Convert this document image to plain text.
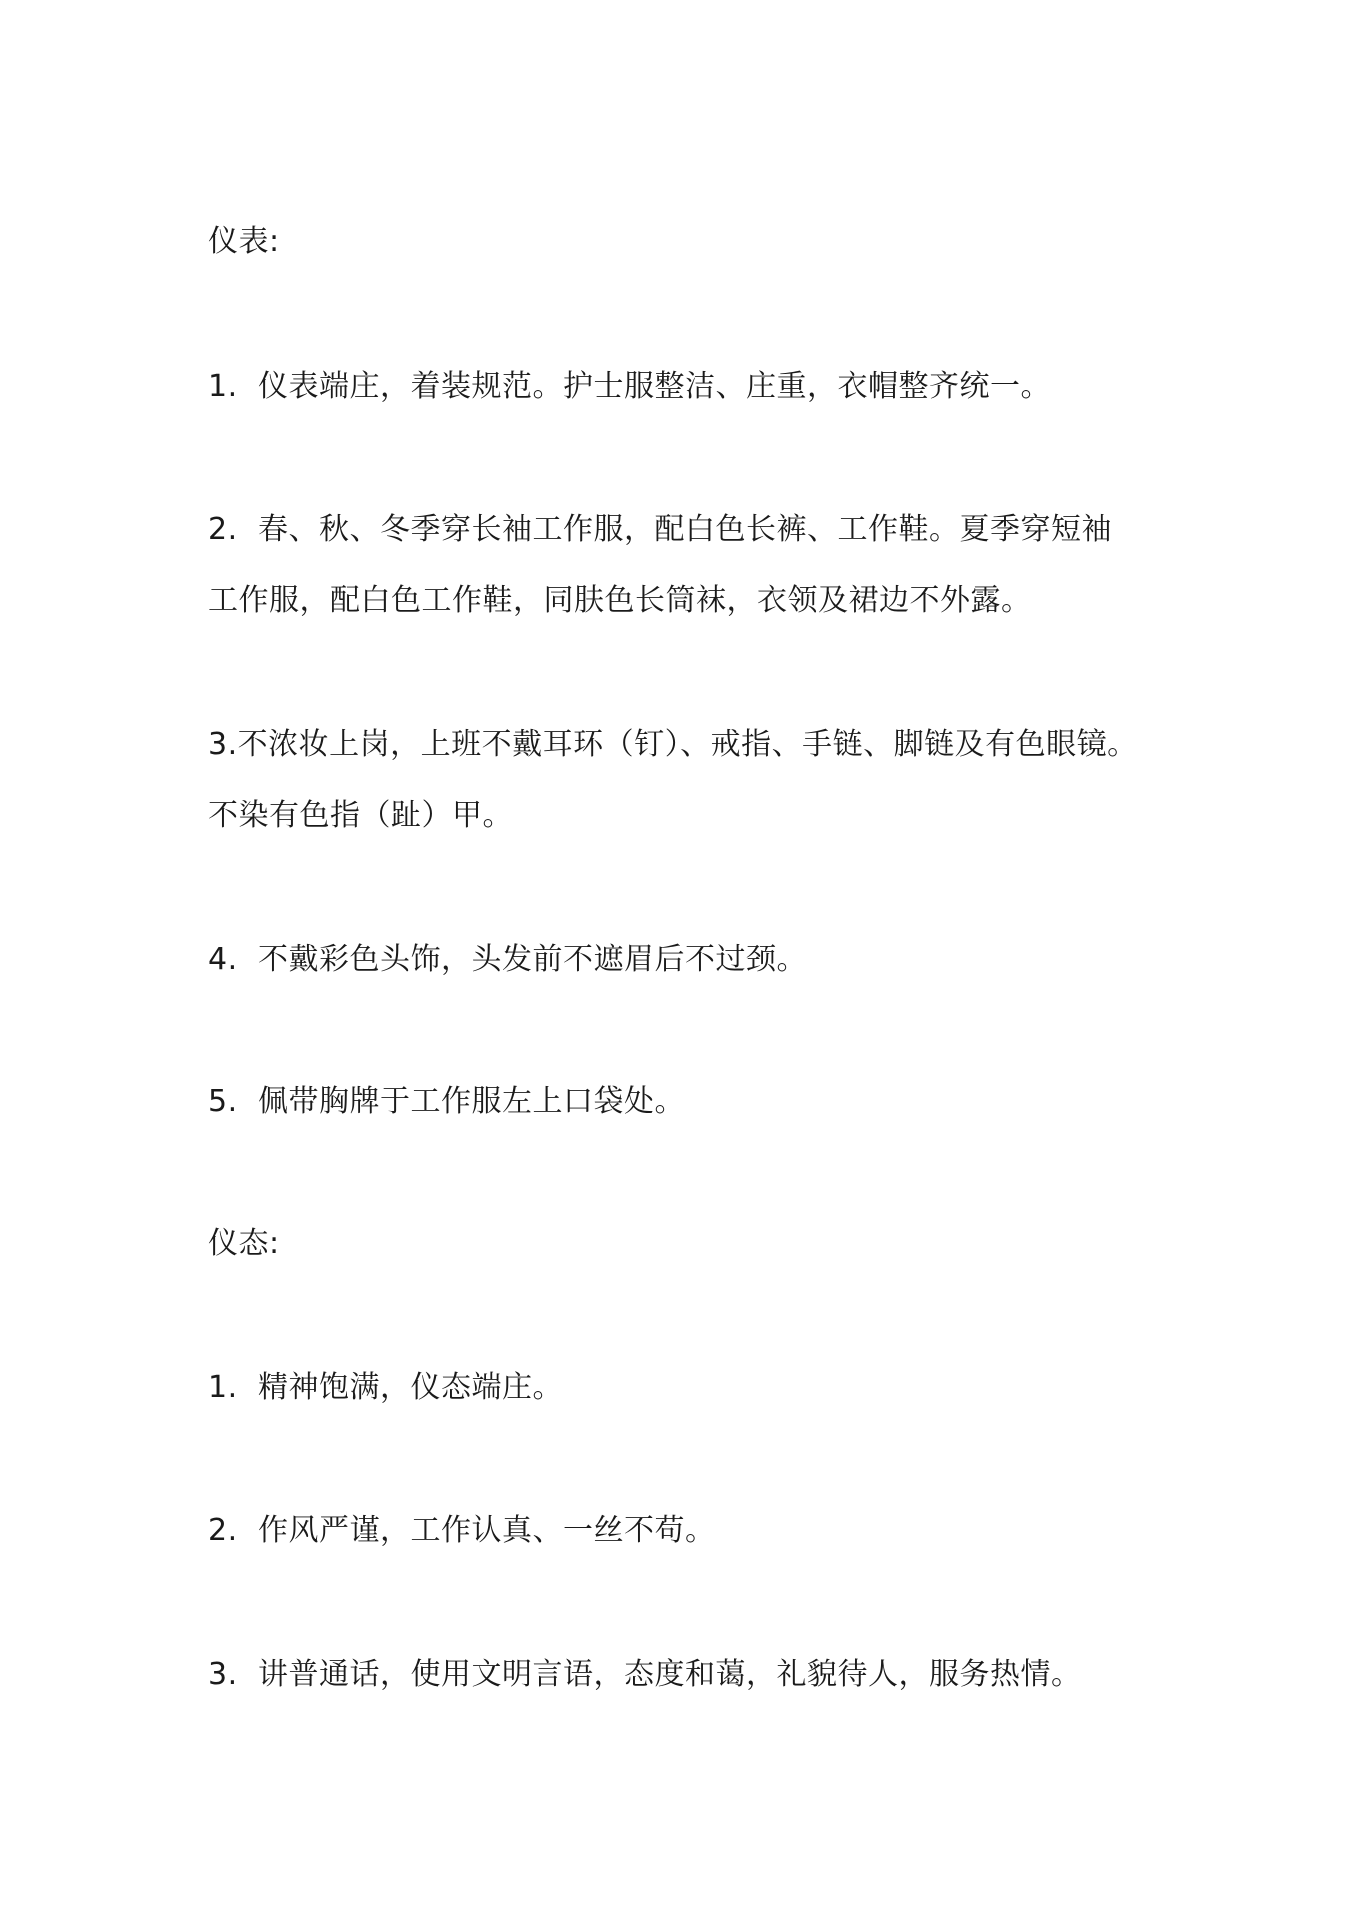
仪表:
1. 仪表端庄，着装规范。护士服整洁、庄重，衣帽整齐统一。
2. 春、秋、冬季穿长袖工作服，配白色长裤、工作鞋。夏季穿短袖
工作服，配白色工作鞋，同肤色长筒袜，衣领及裙边不外露。
3.不浓妆上岗，上班不戴耳环（钉）、戒指、手链、脚链及有色眼镜。
不染有色指（趾）甲。
4. 不戴彩色头饰，头发前不遮眉后不过颈。
5. 佩带胸牌于工作服左上口袋处。
仪态:
1. 精神饱满，仪态端庄。
2. 作风严谨，工作认真、一丝不苟。
3. 讲普通话，使用文明言语，态度和蔼，礼貌待人，服务热情。
